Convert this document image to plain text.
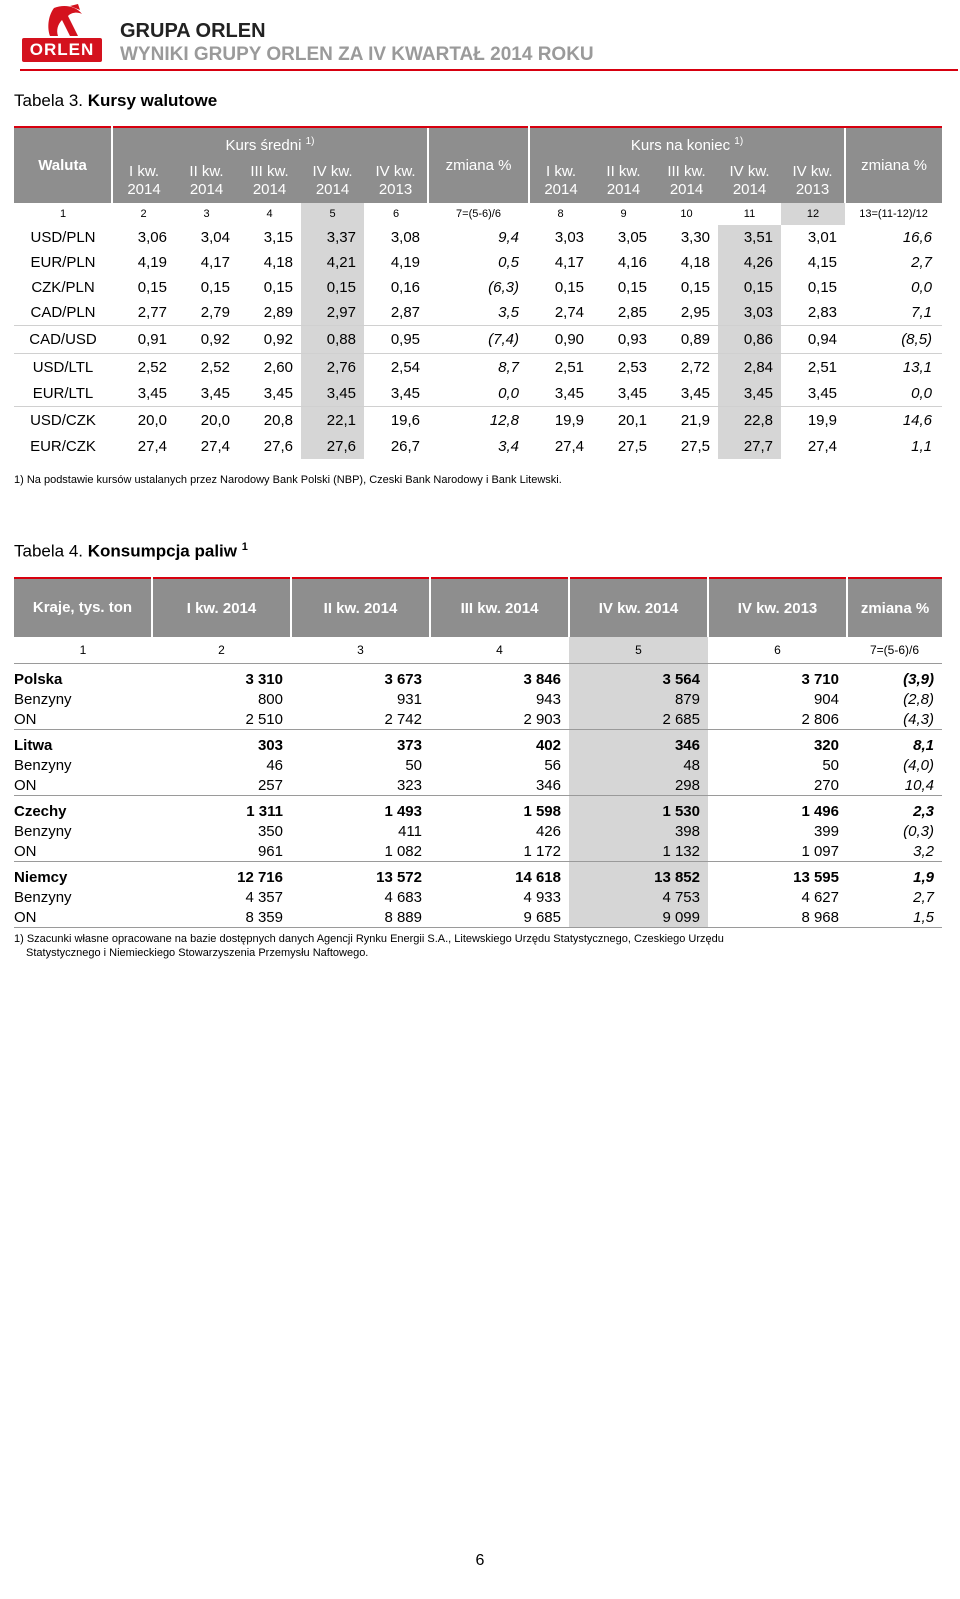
ORLEN
GRUPA ORLEN
WYNIKI GRUPY ORLEN ZA IV KWARTAŁ 2014 ROKU
Tabela 3. Kursy walutowe
Waluta	Kurs średni $^{1)}$					zmiana %	Kurs na koniec $^{1)}$					zmiana %
	I kw. 2014	II kw. 2014	III kw. 2014	IV kw. 2014	IV kw. 2013		I kw. 2014	II kw. 2014	III kw. 2014	IV kw. 2014	IV kw. 2013	
1	2	3	4	5	6	7=(5-6)/6	8	9	10	11	12	13=(11-12)/12
USD/PLN	3,06	3,04	3,15	3,37	3,08	9,4	3,03	3,05	3,30	3,51	3,01	16,6
EUR/PLN	4,19	4,17	4,18	4,21	4,19	0,5	4,17	4,16	4,18	4,26	4,15	2,7
CZK/PLN	0,15	0,15	0,15	0,15	0,16	(6,3)	0,15	0,15	0,15	0,15	0,15	0,0
CAD/PLN	2,77	2,79	2,89	2,97	2,87	3,5	2,74	2,85	2,95	3,03	2,83	7,1
CAD/USD	0,91	0,92	0,92	0,88	0,95	(7,4)	0,90	0,93	0,89	0,86	0,94	(8,5)
USD/LTL	2,52	2,52	2,60	2,76	2,54	8,7	2,51	2,53	2,72	2,84	2,51	13,1
EUR/LTL	3,45	3,45	3,45	3,45	3,45	0,0	3,45	3,45	3,45	3,45	3,45	0,0
USD/CZK	20,0	20,0	20,8	22,1	19,6	12,8	19,9	20,1	21,9	22,8	19,9	14,6
EUR/CZK	27,4	27,4	27,6	27,6	26,7	3,4	27,4	27,5	27,5	27,7	27,4	1,1
1) Na podstawie kursów ustalanych przez Narodowy Bank Polski (NBP), Czeski Bank Narodowy i Bank Litewski.
Tabela 4. Konsumpcja paliw $^1$
Kraje, tys. ton	I kw. 2014	II kw. 2014	III kw. 2014	IV kw. 2014	IV kw. 2013	zmiana %
1	2	3	4	5	6	7=(5-6)/6
Polska	3 310	3 673	3 846	3 564	3 710	(3,9)
Benzyny	800	931	943	879	904	(2,8)
ON	2 510	2 742	2 903	2 685	2 806	(4,3)
Litwa	303	373	402	346	320	8,1
Benzyny	46	50	56	48	50	(4,0)
ON	257	323	346	298	270	10,4
Czechy	1 311	1 493	1 598	1 530	1 496	2,3
Benzyny	350	411	426	398	399	(0,3)
ON	961	1 082	1 172	1 132	1 097	3,2
Niemcy	12 716	13 572	14 618	13 852	13 595	1,9
Benzyny	4 357	4 683	4 933	4 753	4 627	2,7
ON	8 359	8 889	9 685	9 099	8 968	1,5
1) Szacunki własne opracowane na bazie dostępnych danych Agencji Rynku Energii S.A., Litewskiego Urzędu Statystycznego, Czeskiego Urzędu
Statystycznego i Niemieckiego Stowarzyszenia Przemysłu Naftowego.
6
